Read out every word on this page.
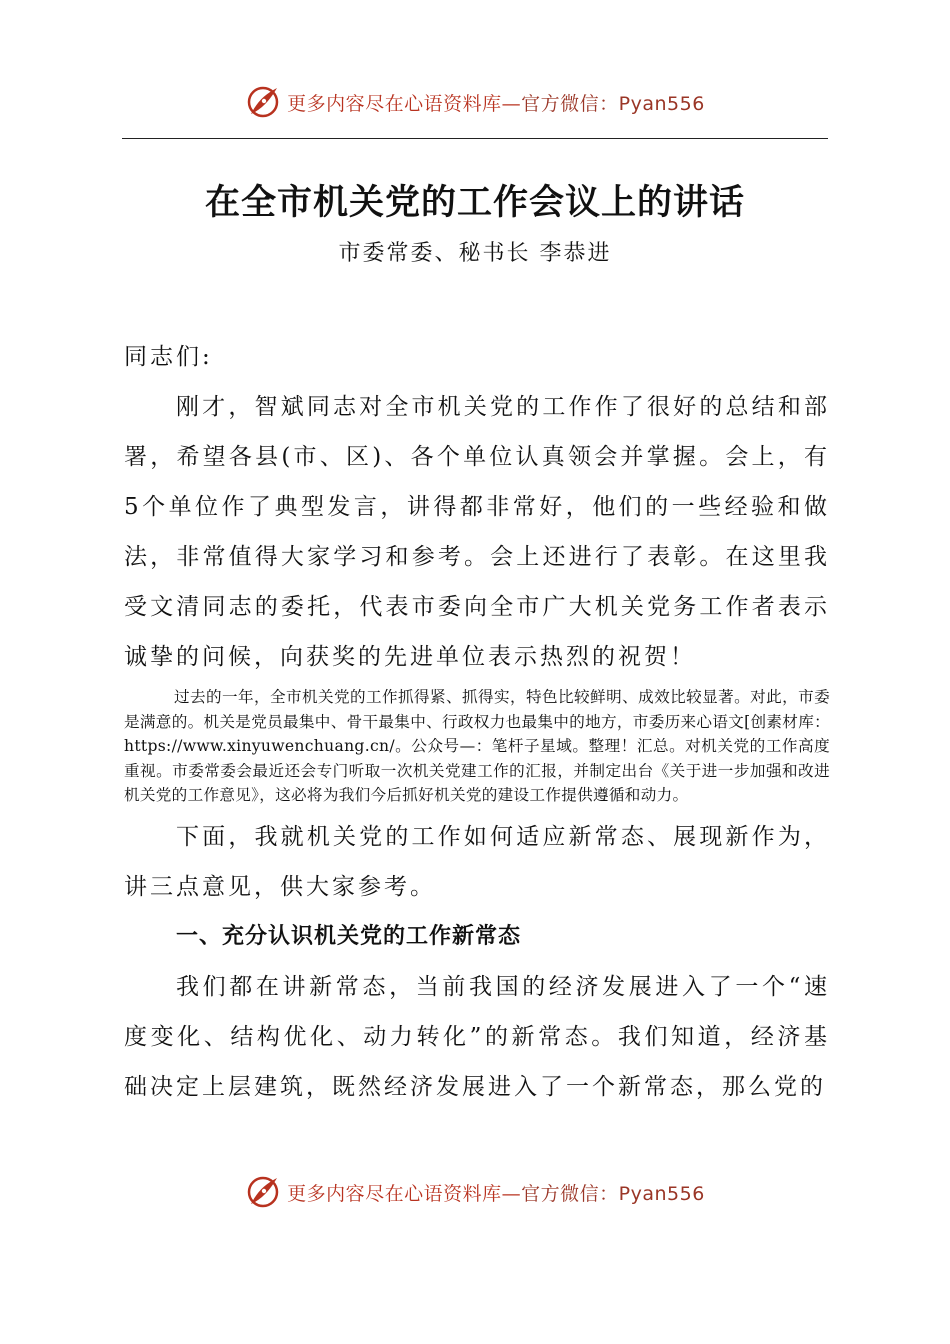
更多内容尽在心语资料库—官方微信：Pyan556
在全市机关党的工作会议上的讲话
市委常委、秘书长 李恭进

同志们:

刚才，智斌同志对全市机关党的工作作了很好的总结和部署，希望各县(市、区)、各个单位认真领会并掌握。会上，有5个单位作了典型发言，讲得都非常好，他们的一些经验和做法，非常值得大家学习和参考。会上还进行了表彰。在这里我受文清同志的委托，代表市委向全市广大机关党务工作者表示诚挚的问候，向获奖的先进单位表示热烈的祝贺！

过去的一年，全市机关党的工作抓得紧、抓得实，特色比较鲜明、成效比较显著。对此，市委是满意的。机关是党员最集中、骨干最集中、行政权力也最集中的地方，市委历来心语文[创素材库：https://www.xinyuwenchuang.cn/。公众号—：笔杆子星域。整理！汇总。对机关党的工作高度重视。市委常委会最近还会专门听取一次机关党建工作的汇报，并制定出台《关于进一步加强和改进机关党的工作意见》，这必将为我们今后抓好机关党的建设工作提供遵循和动力。

下面，我就机关党的工作如何适应新常态、展现新作为，讲三点意见，供大家参考。

一、充分认识机关党的工作新常态

我们都在讲新常态，当前我国的经济发展进入了一个“速度变化、结构优化、动力转化”的新常态。我们知道，经济基础决定上层建筑，既然经济发展进入了一个新常态，那么党的

更多内容尽在心语资料库—官方微信：Pyan556
